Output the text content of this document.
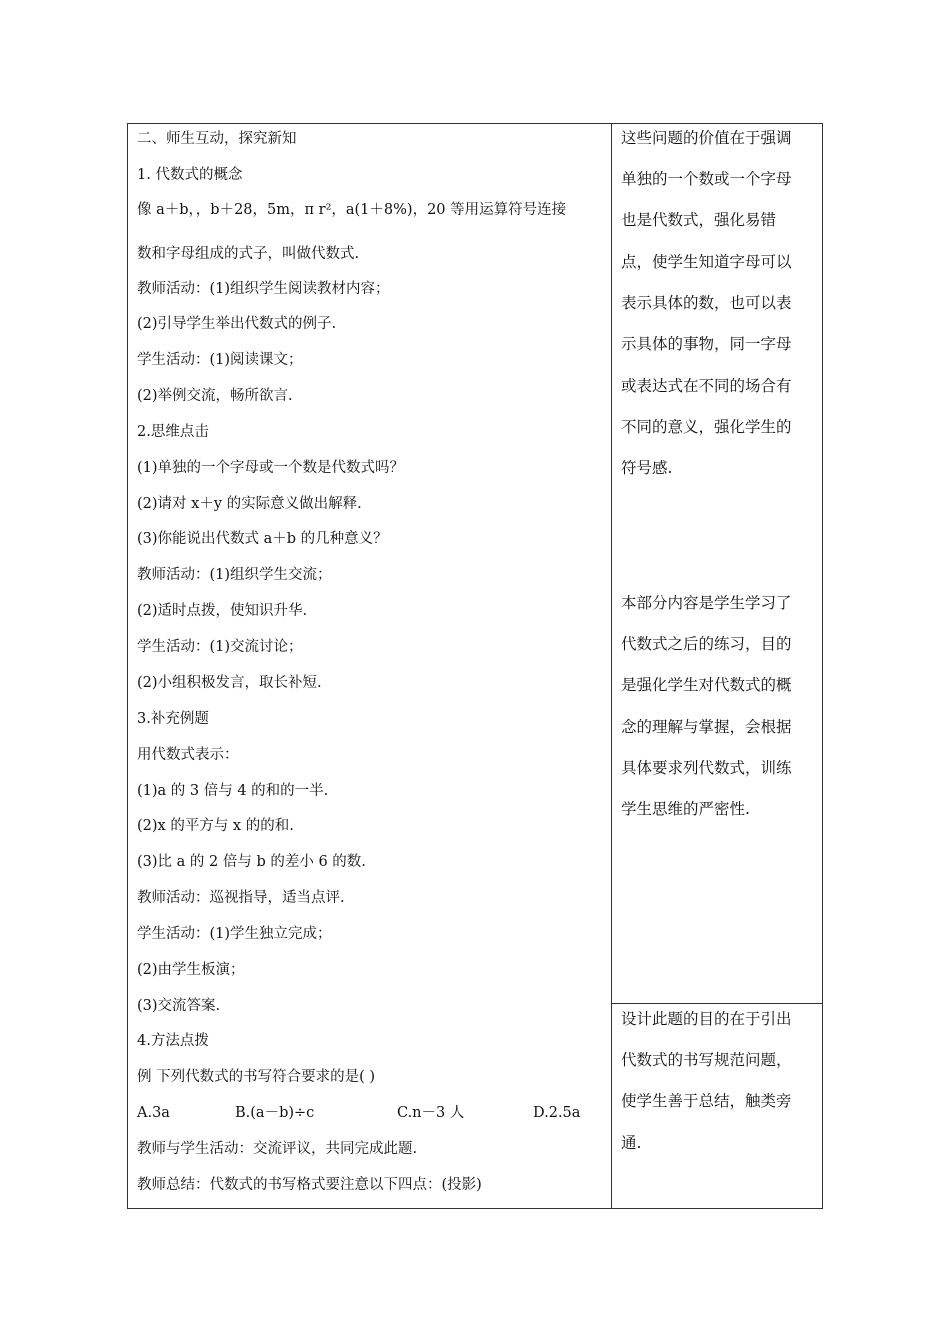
二、师生互动，探究新知
1. 代数式的概念
像 a＋b，，b＋28，5m，π r²，a(1＋8%)，20 等用运算符号连接
数和字母组成的式子，叫做代数式.
教师活动：(1)组织学生阅读教材内容；
(2)引导学生举出代数式的例子.
学生活动：(1)阅读课文；
(2)举例交流，畅所欲言.
2.思维点击
(1)单独的一个字母或一个数是代数式吗？
(2)请对 x＋y 的实际意义做出解释.
(3)你能说出代数式 a＋b 的几种意义？
教师活动：(1)组织学生交流；
(2)适时点拨，使知识升华.
学生活动：(1)交流讨论；
(2)小组积极发言，取长补短.
3.补充例题
用代数式表示：
(1)a 的 3 倍与 4 的和的一半.
(2)x 的平方与 x 的的和.
(3)比 a 的 2 倍与 b 的差小 6 的数.
教师活动：巡视指导，适当点评.
学生活动：(1)学生独立完成；
(2)由学生板演；
(3)交流答案.
4.方法点拨
例 下列代数式的书写符合要求的是( )
A.3a	B.(a－b)÷c	C.n－3 人	D.2.5a
教师与学生活动：交流评议，共同完成此题.
教师总结：代数式的书写格式要注意以下四点：(投影)
这些问题的价值在于强调
单独的一个数或一个字母
也是代数式，强化易错
点，使学生知道字母可以
表示具体的数，也可以表
示具体的事物，同一字母
或表达式在不同的场合有
不同的意义，强化学生的
符号感.
本部分内容是学生学习了
代数式之后的练习，目的
是强化学生对代数式的概
念的理解与掌握，会根据
具体要求列代数式，训练
学生思维的严密性.
设计此题的目的在于引出
代数式的书写规范问题，
使学生善于总结，触类旁
通.
